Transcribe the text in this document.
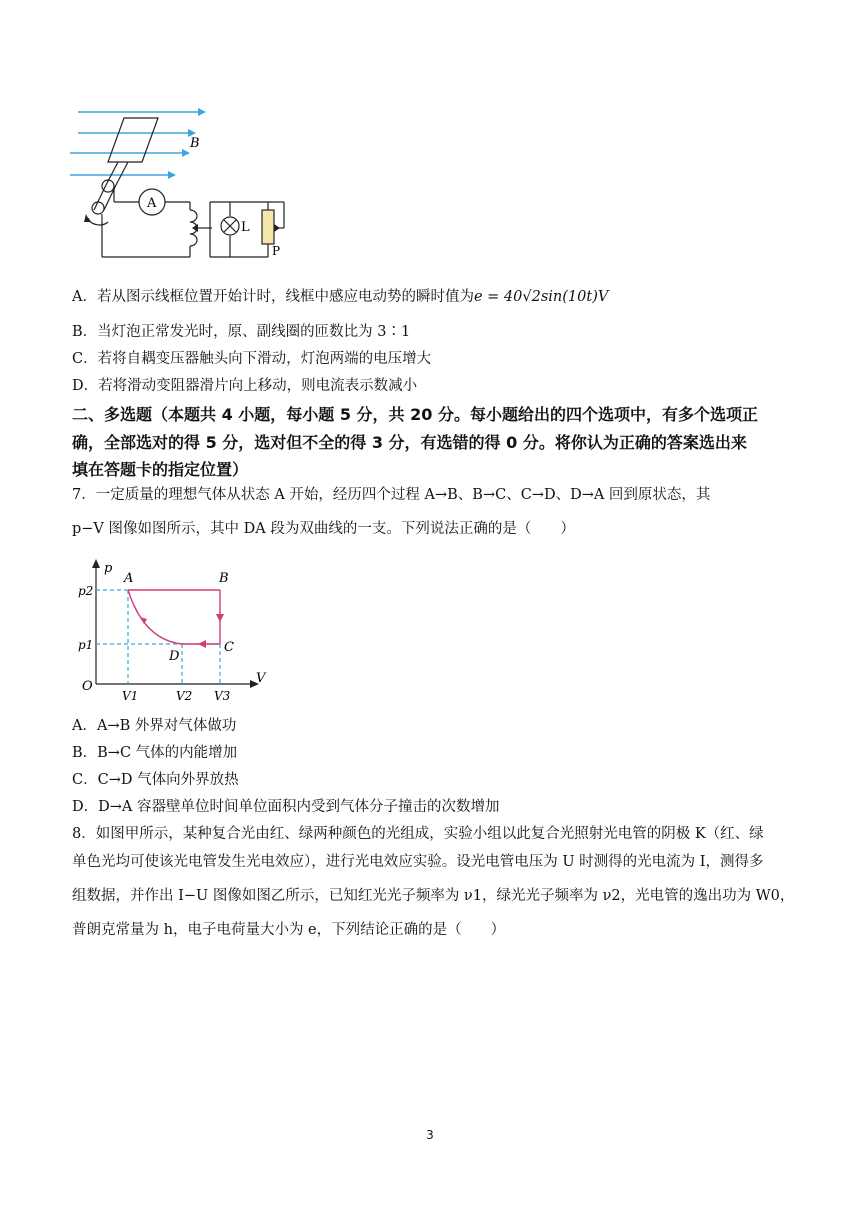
B
A
L
P
A．若从图示线框位置开始计时，线框中感应电动势的瞬时值为e = 40√2sin(10t)V
B．当灯泡正常发光时，原、副线圈的匝数比为 3∶1
C．若将自耦变压器触头向下滑动，灯泡两端的电压增大
D．若将滑动变阻器滑片向上移动，则电流表示数减小
二、多选题（本题共 4 小题，每小题 5 分，共 20 分。每小题给出的四个选项中，有多个选项正
确，全部选对的得 5 分，选对但不全的得 3 分，有选错的得 0 分。将你认为正确的答案选出来
填在答题卡的指定位置）
7．一定质量的理想气体从状态 A 开始，经历四个过程 A→B、B→C、C→D、D→A 回到原状态，其
p−V 图像如图所示，其中 DA 段为双曲线的一支。下列说法正确的是（　　）
p
V
O
A	B
C
D
p2
p1
V1	V2 V3
A．A→B 外界对气体做功
B．B→C 气体的内能增加
C．C→D 气体向外界放热
D．D→A 容器壁单位时间单位面积内受到气体分子撞击的次数增加
8．如图甲所示，某种复合光由红、绿两种颜色的光组成，实验小组以此复合光照射光电管的阴极 K（红、绿
单色光均可使该光电管发生光电效应），进行光电效应实验。设光电管电压为 U 时测得的光电流为 I，测得多
组数据，并作出 I−U 图像如图乙所示，已知红光光子频率为 ν1，绿光光子频率为 ν2，光电管的逸出功为 W0，
普朗克常量为 h，电子电荷量大小为 e，下列结论正确的是（　　）
3
